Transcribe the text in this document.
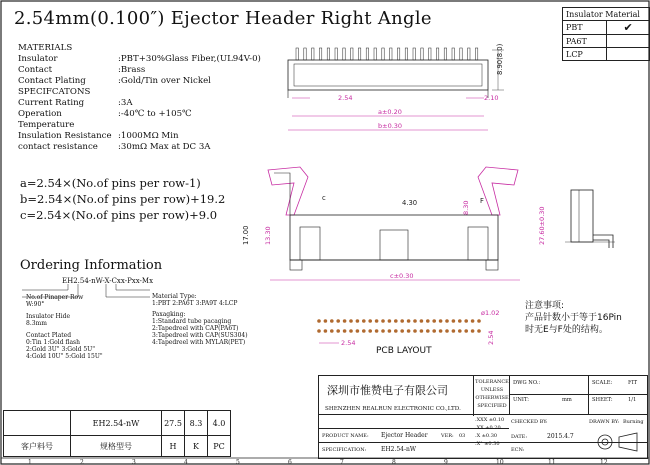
1	2	3	4	5	6	7	8	9	10	11	12
2.54mm(0.100″) Ejector Header Right Angle	Insulator Material	
PBT	✔
PA6T	
LCP	
MATERIALS
Insulator	:PBT+30%Glass Fiber,(UL94V-0)
Contact	:Brass
Contact Plating	:Gold/Tin over Nickel
SPECIFCATONS
Current Rating	:3A
Operation Temperature
:-40℃ to +105℃
Insulation Resistance :1000MΩ Min
contact resistance	:30mΩ Max at DC 3A
a=2.54×(No.of pins per row-1)
b=2.54×(No.of pins per row)+19.2
c=2.54×(No.of pins per row)+9.0
Ordering Information
EH2.54-nW-X-Cxx-Pxx-Mx
No.of Pinaper Row
W:90°
Insulator Hide
8.3mm
Contact Plated
0:Tin 1:Gold flash
2:Gold 3U" 3:Gold 5U"
4:Gold 10U" 5:Gold 15U"
Material Type:
1:PBT 2:PA6T 3:PA9T 4:LCP
Paxagking:
1:Standard tube pacaging
2:Tapedreel with CAP(PA6T)
3:Tapedreel with CAP(SUS304)
4:Tapedreel with MYLAR(PET)
8.90(8.0)
2.54	2.10
a±0.20
b±0.30
c±0.30
17.00 13.30	27.60±0.30
8.30
4.30
c	F
2.54
ø1.02
2.54
PCB LAYOUT
注意事项:
产品针数小于等于16Pin
时无E与F处的结构。
	EH2.54-nW	27.5	8.3	4.0
客户料号	规格型号	H	K	PC
深圳市惟赞电子有限公司
SHENZHEN REALRUN ELECTRONIC CO.,LTD.
TOLERANCE
UNLESS
OTHERWISE
SPECIFIED
DWG NO.:	SCALE:	FIT
UNIT:	mm	SHEET:	1/1
PRODUCT NAME: Ejector Header	VER: 03
SPECIFICATION: EH2.54-nW
.XXX ±0.10
.XX ±0.20
.X ±0.30
.X° ±0.30
CHECKED BY:	DRAWN BY: Burning
DATE:	2015.4.7
ECN:
